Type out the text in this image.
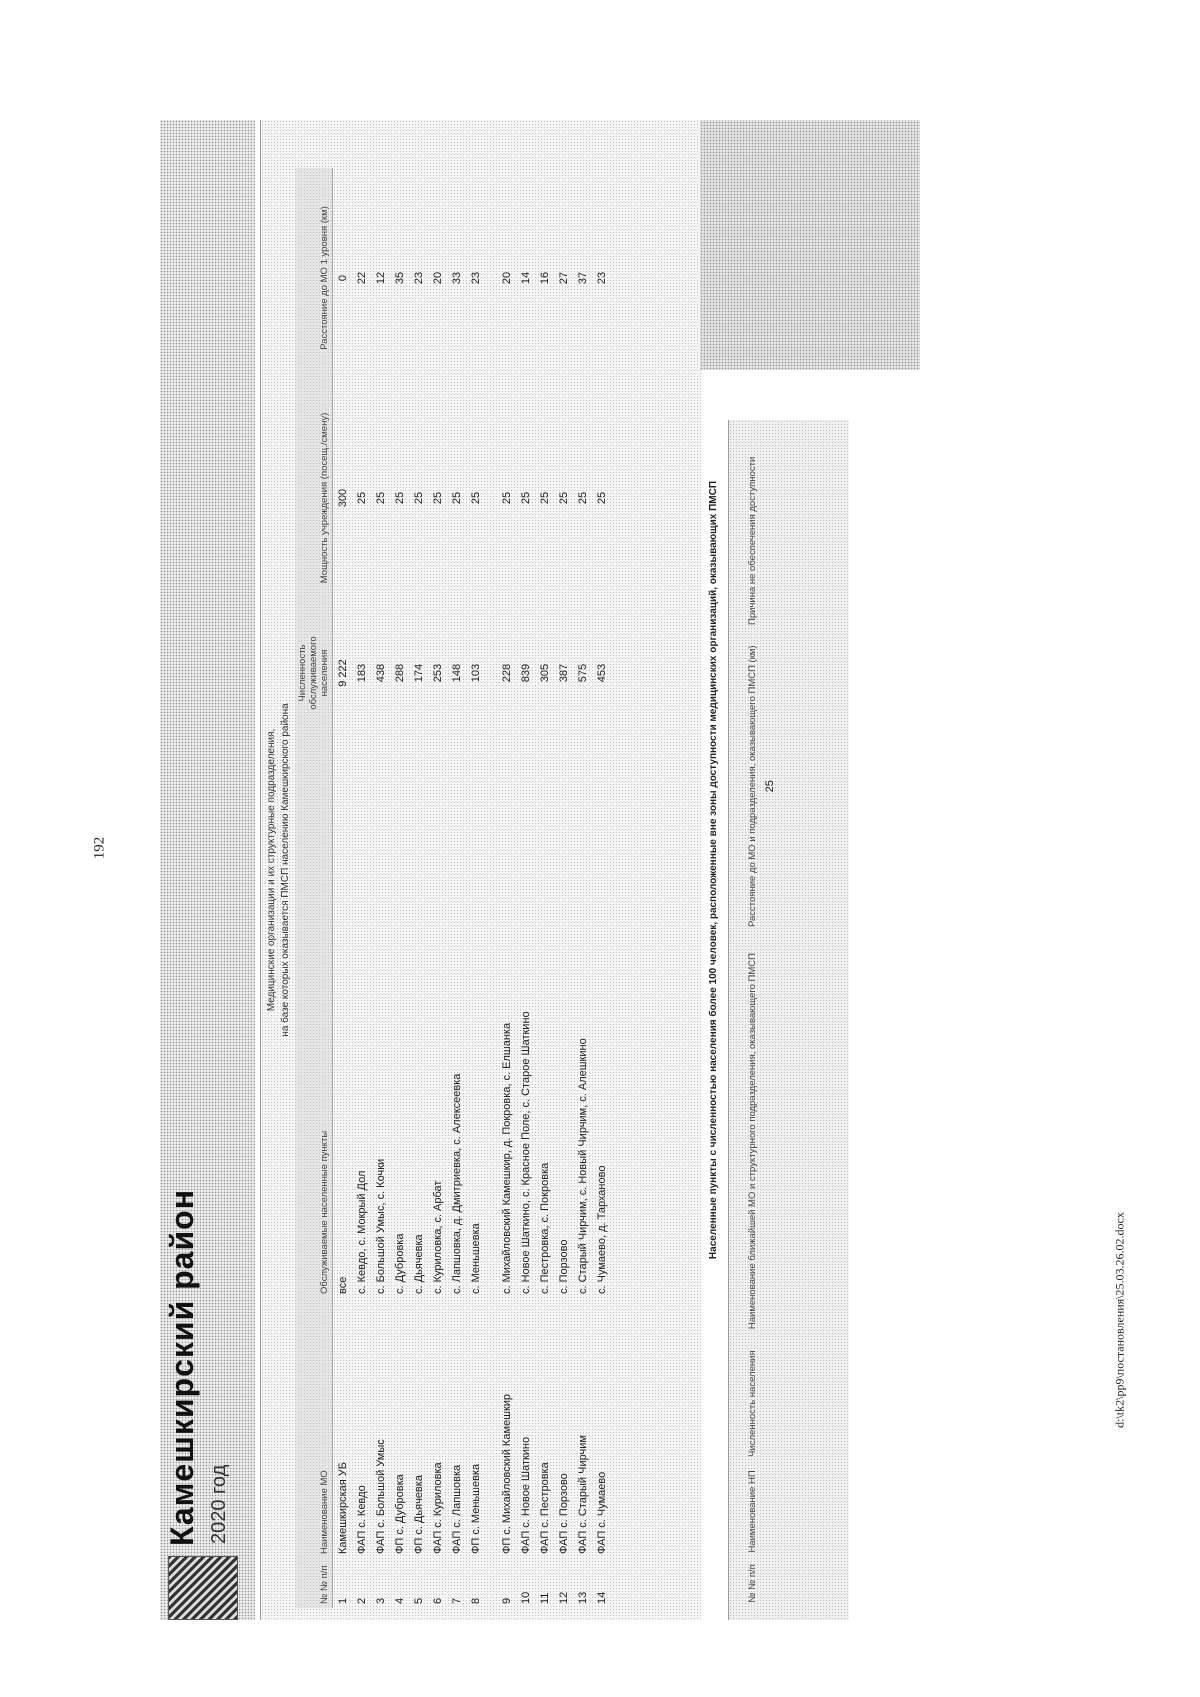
192
Камешкирский район 2020 год
Медицинские организации и их структурные подразделения, на базе которых оказывается ПМСП населению Камешкирского района
№ № п/п	Наименование МО	Обслуживаемые населенные пункты	Численность обслуживаемого населения	Мощность учреждения (посещ./смену)	Расстояние до МО 1 уровня (км)
1	Камешкирская УБ	все	9 222	300	0
2	ФАП с. Кевдо	с. Кевдо, с. Мокрый Дол	183	25	22
3	ФАП с. Большой Умыс	с. Большой Умыс, с. Кочки	438	25	12
4	ФП с. Дубровка	с. Дубровка	288	25	35
5	ФП с. Дьячевка	с. Дьячевка	174	25	23
6	ФАП с. Куриловка	с. Куриловка, с. Арбат	253	25	20
7	ФАП с. Лапшовка	с. Лапшовка, д. Дмитриевка, с. Алексеевка	148	25	33
8	ФП с. Меньшевка	с. Меньшевка	103	25	23

9	ФП с. Михайловский Камешкир	с. Михайловский Камешкир, д. Покровка, с. Елшанка	228	25	20
10	ФАП с. Новое Шаткино	с. Новое Шаткино, с. Красное Поле, с. Старое Шаткино	839	25	14
11	ФАП с. Пестровка	с. Пестровка, с. Покровка	305	25	16
12	ФАП с. Порзово	с. Порзово	387	25	27
13	ФАП с. Старый Чирчим	с. Старый Чирчим, с. Новый Чирчим, с. Алешкино	575	25	37
14	ФАП с. Чумаево	с. Чумаево, д. Тарханово	453	25	23
Населенные пункты с численностью населения более 100 человек, расположенные вне зоны доступности медицинских организаций, оказывающих ПМСП
№ № п/п	Наименование НП	Численность населения	Наименование ближайшей МО и структурного подразделения, оказывающего ПМСП	Расстояние до МО и подразделения, оказывающего ПМСП (км)	Причина не обеспечения доступности
				25	
d:\tk2\pp9\постановления\25.03.26.02.docx
